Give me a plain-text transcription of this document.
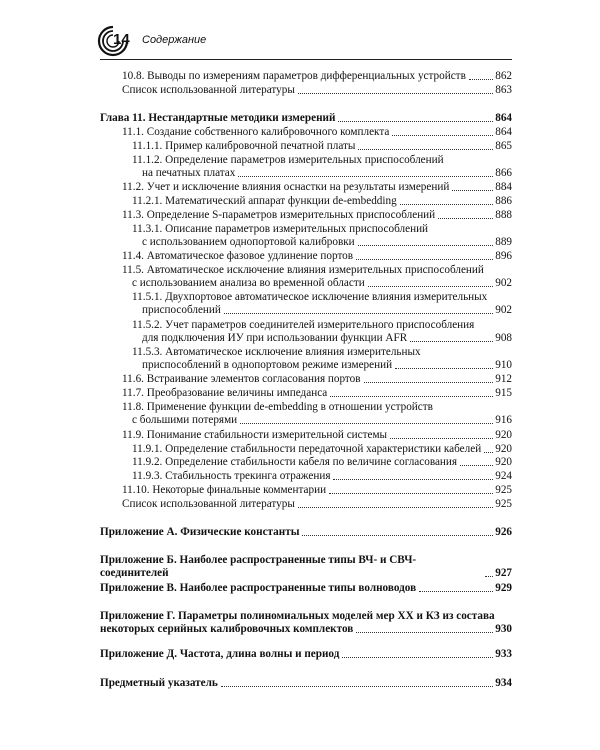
14 Содержание
10.8. Выводы по измерениям параметров дифференциальных устройств	862
Список использованной литературы	863
Глава 11. Нестандартные методики измерений	864
11.1. Создание собственного калибровочного комплекта	864
11.1.1. Пример калибровочной печатной платы	865
11.1.2. Определение параметров измерительных приспособлений
на печатных платах	866
11.2. Учет и исключение влияния оснастки на результаты измерений	884
11.2.1. Математический аппарат функции de-embedding	886
11.3. Определение S-параметров измерительных приспособлений	888
11.3.1. Описание параметров измерительных приспособлений
с использованием однопортовой калибровки	889
11.4. Автоматическое фазовое удлинение портов	896
11.5. Автоматическое исключение влияния измерительных приспособлений
с использованием анализа во временной области	902
11.5.1. Двухпортовое автоматическое исключение влияния измерительных
приспособлений	902
11.5.2. Учет параметров соединителей измерительного приспособления
для подключения ИУ при использовании функции AFR	908
11.5.3. Автоматическое исключение влияния измерительных
приспособлений в однопортовом режиме измерений	910
11.6. Встраивание элементов согласования портов	912
11.7. Преобразование величины импеданса	915
11.8. Применение функции de-embedding в отношении устройств
с большими потерями	916
11.9. Понимание стабильности измерительной системы	920
11.9.1. Определение стабильности передаточной характеристики кабелей 920
11.9.2. Определение стабильности кабеля по величине согласования	920
11.9.3. Стабильность трекинга отражения	924
11.10. Некоторые финальные комментарии	925
Список использованной литературы	925
Приложение А. Физические константы	926
Приложение Б. Наиболее распространенные типы ВЧ- и СВЧ-соединителей	927
Приложение В. Наиболее распространенные типы волноводов	929
Приложение Г. Параметры полиномиальных моделей мер XX и КЗ из состава
некоторых серийных калибровочных комплектов	930
Приложение Д. Частота, длина волны и период	933
Предметный указатель	934
